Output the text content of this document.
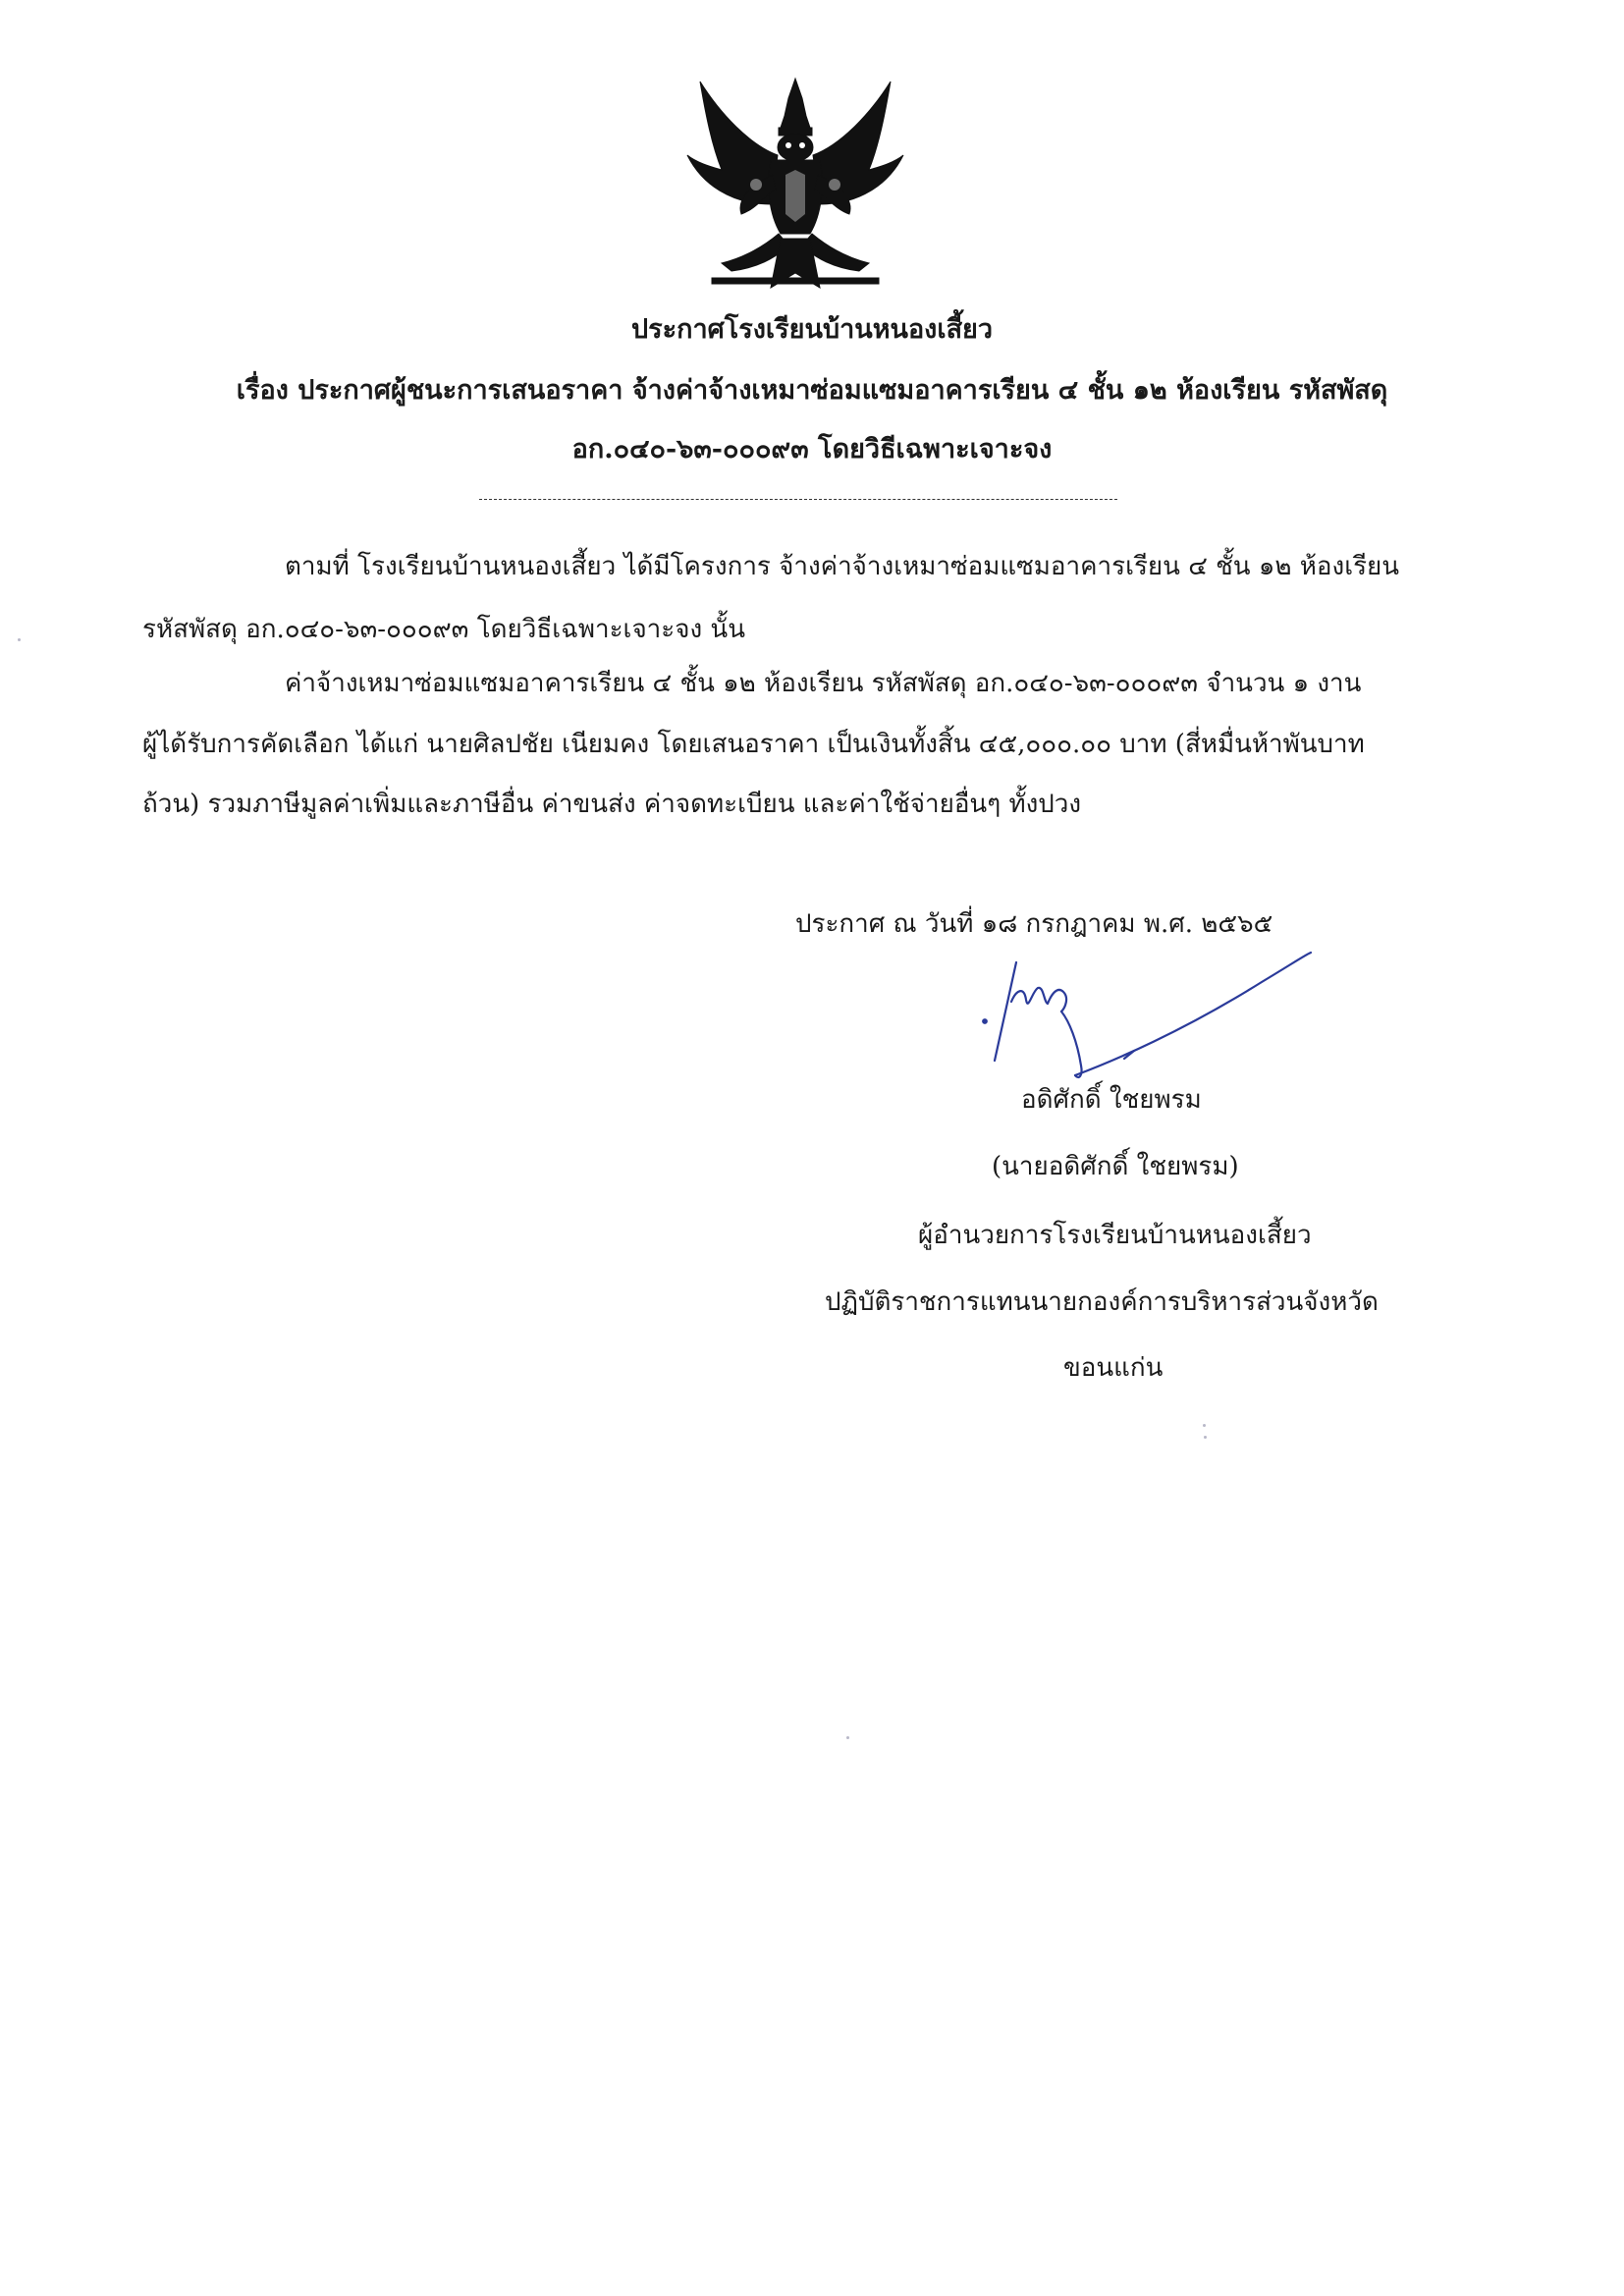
ประกาศโรงเรียนบ้านหนองเสี้ยว
เรื่อง ประกาศผู้ชนะการเสนอราคา จ้างค่าจ้างเหมาซ่อมแซมอาคารเรียน ๔ ชั้น ๑๒ ห้องเรียน รหัสพัสดุ
อก.๐๔๐-๖๓-๐๐๐๙๓ โดยวิธีเฉพาะเจาะจง
ตามที่ โรงเรียนบ้านหนองเสี้ยว ได้มีโครงการ จ้างค่าจ้างเหมาซ่อมแซมอาคารเรียน ๔ ชั้น ๑๒ ห้องเรียน
รหัสพัสดุ อก.๐๔๐-๖๓-๐๐๐๙๓ โดยวิธีเฉพาะเจาะจง นั้น
ค่าจ้างเหมาซ่อมแซมอาคารเรียน ๔ ชั้น ๑๒ ห้องเรียน รหัสพัสดุ อก.๐๔๐-๖๓-๐๐๐๙๓ จำนวน ๑ งาน
ผู้ได้รับการคัดเลือก ได้แก่ นายศิลปชัย เนียมคง โดยเสนอราคา เป็นเงินทั้งสิ้น ๔๕,๐๐๐.๐๐ บาท (สี่หมื่นห้าพันบาท
ถ้วน) รวมภาษีมูลค่าเพิ่มและภาษีอื่น ค่าขนส่ง ค่าจดทะเบียน และค่าใช้จ่ายอื่นๆ ทั้งปวง
ประกาศ ณ วันที่ ๑๘ กรกฎาคม พ.ศ. ๒๕๖๕
อดิศักดิ์ ใชยพรม
(นายอดิศักดิ์ ใชยพรม)
ผู้อำนวยการโรงเรียนบ้านหนองเสี้ยว
ปฏิบัติราชการแทนนายกองค์การบริหารส่วนจังหวัด
ขอนแก่น
